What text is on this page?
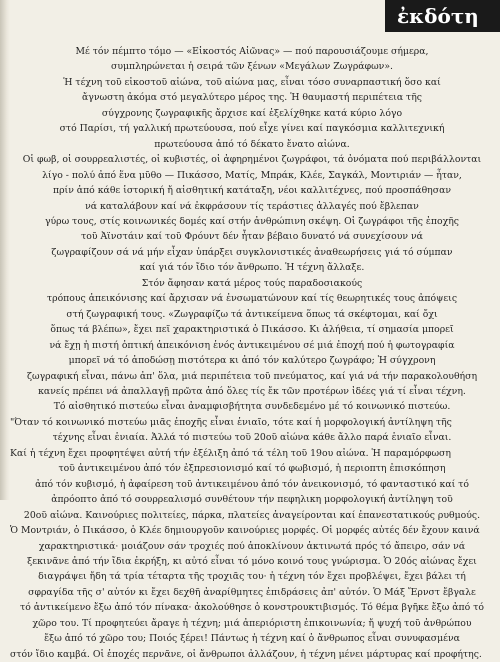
ἐκδότη
Μέ τόν πέμπτο τόμο — «Εἰκοστός Αἰῶνας» — πού παρουσιάζουμε σήμερα,
συμπληρώνεται ἡ σειρά τῶν ξένων «Μεγάλων Ζωγράφων».
Ἡ τέχνη τοῦ εἰκοστοῦ αἰώνα, τοῦ αἰώνα μας, εἶναι τόσο συναρπαστική ὅσο καί
ἄγνωστη ἀκόμα στό μεγαλύτερο μέρος της. Ἡ θαυμαστή περιπέτεια τῆς
σύγχρονης ζωγραφικῆς ἄρχισε καί ἐξελίχθηκε κατά κύριο λόγο
στό Παρίσι, τή γαλλική πρωτεύουσα, πού εἶχε γίνει καί παγκόσμια καλλιτεχνική
πρωτεύουσα ἀπό τό δέκατο ἔνατο αἰώνα.
Οἱ φωβ, οἱ σουρρεαλιστές, οἱ κυβιστές, οἱ ἀφηρημένοι ζωγράφοι, τά ὀνόματα πού περιβάλλονται
λίγο - πολύ ἀπό ἕνα μῦθο — Πικάσσο, Ματίς, Μπράκ, Κλέε, Σαγκάλ, Μοντιριάν — ἦταν,
πρίν ἀπό κάθε ἱστορική ἤ αἰσθητική κατάταξη, νέοι καλλιτέχνες, πού προσπάθησαν
νά καταλάβουν καί νά ἐκφράσουν τίς τεράστιες ἀλλαγές πού ἔβλεπαν
γύρω τους, στίς κοινωνικές δομές καί στήν ἀνθρώπινη σκέψη. Οἱ ζωγράφοι τῆς ἐποχῆς
τοῦ Ἀϊνστάιν καί τοῦ Φρόυντ δέν ἦταν βέβαιο δυνατό νά συνεχίσουν νά
ζωγραφίζουν σά νά μήν εἶχαν ὑπάρξει συγκλονιστικές ἀναθεωρήσεις γιά τό σύμπαν
καί γιά τόν ἴδιο τόν ἄνθρωπο. Ἡ τέχνη ἄλλαξε.
Στόν ἄφησαν κατά μέρος τούς παραδοσιακούς
τρόπους ἀπεικόνισης καί ἄρχισαν νά ἐνσωματώνουν καί τίς θεωρητικές τους ἀπόψεις
στή ζωγραφική τους. «Ζωγραφίζω τά ἀντικείμενα ὅπως τά σκέφτομαι, καί ὄχι
ὅπως τά βλέπω», ἔχει πεῖ χαρακτηριστικά ὁ Πικάσσο. Κι ἀλήθεια, τί σημασία μπορεῖ
νά ἔχῃ ἡ πιστή ὀπτική ἀπεικόνιση ἑνός ἀντικειμένου σέ μιά ἐποχή πού ἡ φωτογραφία
μπορεῖ νά τό ἀποδώσῃ πιστότερα κι ἀπό τόν καλύτερο ζωγράφο; Ἡ σύγχρονη
ζωγραφική εἶναι, πάνω ἀπ' ὅλα, μιά περιπέτεια τοῦ πνεύματος, καί γιά νά τήν παρακολουθήση
κανείς πρέπει νά ἀπαλλαγῇ πρῶτα ἀπό ὅλες τίς ἔκ τῶν προτέρων ἰδέες γιά τί εἶναι τέχνη.
Τό αἰσθητικό πιστεύω εἶναι ἀναμφισβήτητα συνδεδεμένο μέ τό κοινωνικό πιστεύω.
"Όταν τό κοινωνικό πιστεύω μιᾶς ἐποχῆς εἶναι ἑνιαῖο, τότε καί ἡ μορφολογική ἀντίληψη τῆς
τέχνης εἶναι ἑνιαία. Ἀλλά τό πιστεύω τοῦ 20οῦ αἰώνα κάθε ἄλλο παρά ἑνιαῖο εἶναι.
Καί ἡ τέχνη ἔχει προφητέψει αὐτή τήν ἐξέλιξη ἀπό τά τέλη τοῦ 19ου αἰώνα. Ἡ παραμόρφωση
τοῦ ἀντικειμένου ἀπό τόν ἐξπρεσιονισμό καί τό φωβισμό, ἡ περιοπτη ἐπισκόπηση
ἀπό τόν κυβισμό, ἡ ἀφαίρεση τοῦ ἀντικειμένου ἀπό τόν ἀνεικονισμό, τό φανταστικό καί τό
ἀπρόοπτο ἀπό τό σουρρεαλισμό συνθέτουν τήν πεφηλικη μορφολογική ἀντίληψη τοῦ
20οῦ αἰώνα. Καινούριες πολιτείες, πάρκα, πλατείες ἀναγείρονται καί ἐπανεστατικούς ρυθμούς.
Ὁ Μοντριάν, ὁ Πικάσσο, ὁ Κλέε δημιουργοῦν καινούριες μορφές. Οἱ μορφές αὐτές δέν ἔχουν καινά
χαρακτηριστικά· μοιάζουν σάν τροχιές πού ἀποκλίνουν ἀκτινωτά πρός τό ἄπειρο, σάν νά
ξεκινᾶνε ἀπό τήν ἴδια ἐκρήξη, κι αὐτό εἶναι τό μόνο κοινό τους γνώρισμα. Ὁ 20ός αἰώνας ἔχει
διαγράψει ἤδη τά τρία τέταρτα τῆς τροχιᾶς του· ἡ τέχνη τόν ἔχει προβλέψει, ἔχει βάλει τή
σφραγίδα τῆς σ' αὐτόν κι ἔχει δεχθῆ ἀναρίθμητες ἐπιδράσεις ἀπ' αὐτόν. Ὁ Μάξ Ἔρνστ ἔβγαλε
τό ἀντικείμενο ἔξω ἀπό τόν πίνακα· ἀκολούθησε ὁ κονστρουκτιβισμός. Τό θέμα βγῆκε ἔξω ἀπό τό
χῶρο του. Τί προφητεύει ἄραγε ἡ τέχνη; μιά ἀπεριόριστη ἐπικοινωνία; ἤ ψυχή τοῦ ἀνθρώπου
ἔξω ἀπό τό χῶρο του; Ποιός ξέρει! Πάντως ἡ τέχνη καί ὁ ἄνθρωπος εἶναι συνυφασμένα
στόν ἴδιο καμβά. Οἱ ἐποχές περνᾶνε, οἱ ἄνθρωποι ἀλλάζουν, ἡ τέχνη μένει μάρτυρας καί προφήτης.
